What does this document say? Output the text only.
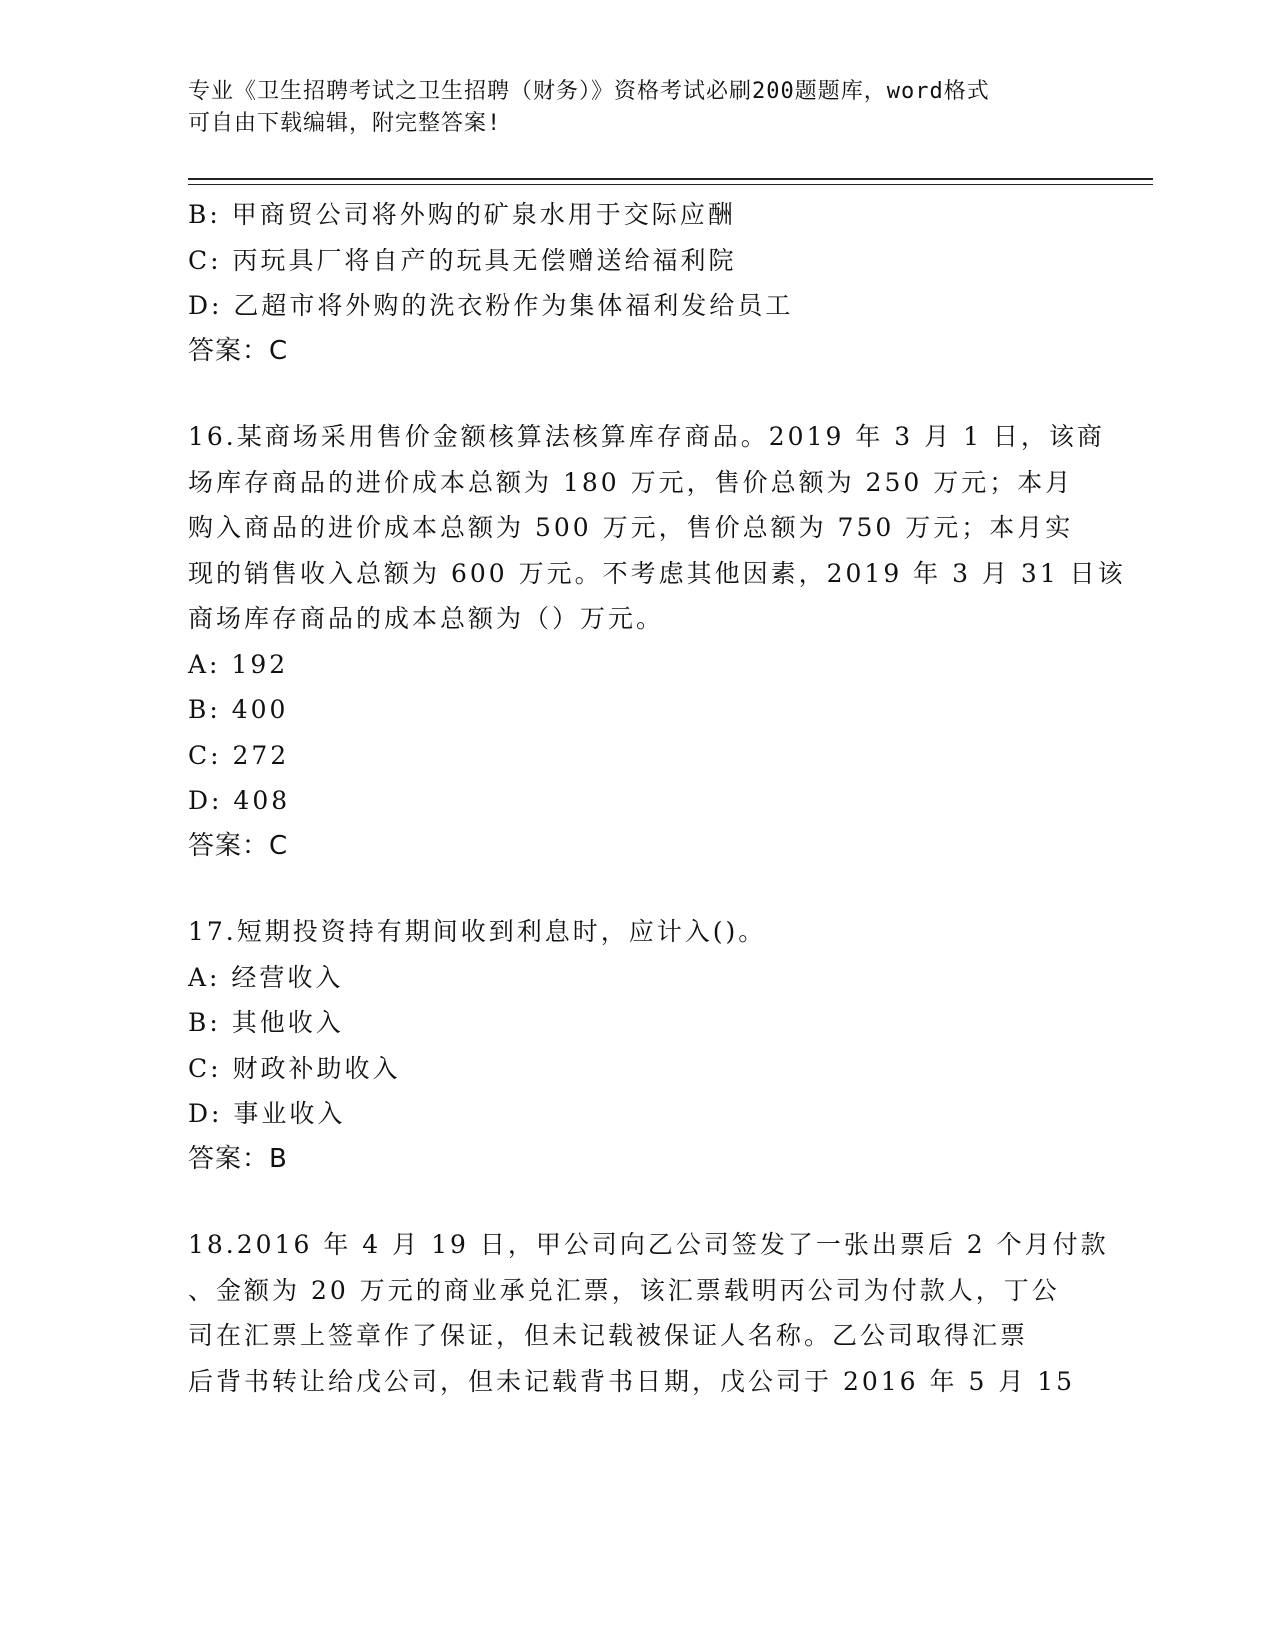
专业《卫生招聘考试之卫生招聘（财务）》资格考试必刷200题题库，word格式
可自由下载编辑，附完整答案!
B: 甲商贸公司将外购的矿泉水用于交际应酬
C: 丙玩具厂将自产的玩具无偿赠送给福利院
D: 乙超市将外购的洗衣粉作为集体福利发给员工
答案：C
16.某商场采用售价金额核算法核算库存商品。2019 年 3 月 1 日，该商
场库存商品的进价成本总额为 180 万元，售价总额为 250 万元；本月
购入商品的进价成本总额为 500 万元，售价总额为 750 万元；本月实
现的销售收入总额为 600 万元。不考虑其他因素，2019 年 3 月 31 日该
商场库存商品的成本总额为（）万元。
A: 192
B: 400
C: 272
D: 408
答案：C
17.短期投资持有期间收到利息时，应计入()。
A: 经营收入
B: 其他收入
C: 财政补助收入
D: 事业收入
答案：B
18.2016 年 4 月 19 日，甲公司向乙公司签发了一张出票后 2 个月付款
、金额为 20 万元的商业承兑汇票，该汇票载明丙公司为付款人，丁公
司在汇票上签章作了保证，但未记载被保证人名称。乙公司取得汇票
后背书转让给戊公司，但未记载背书日期，戊公司于 2016 年 5 月 15
